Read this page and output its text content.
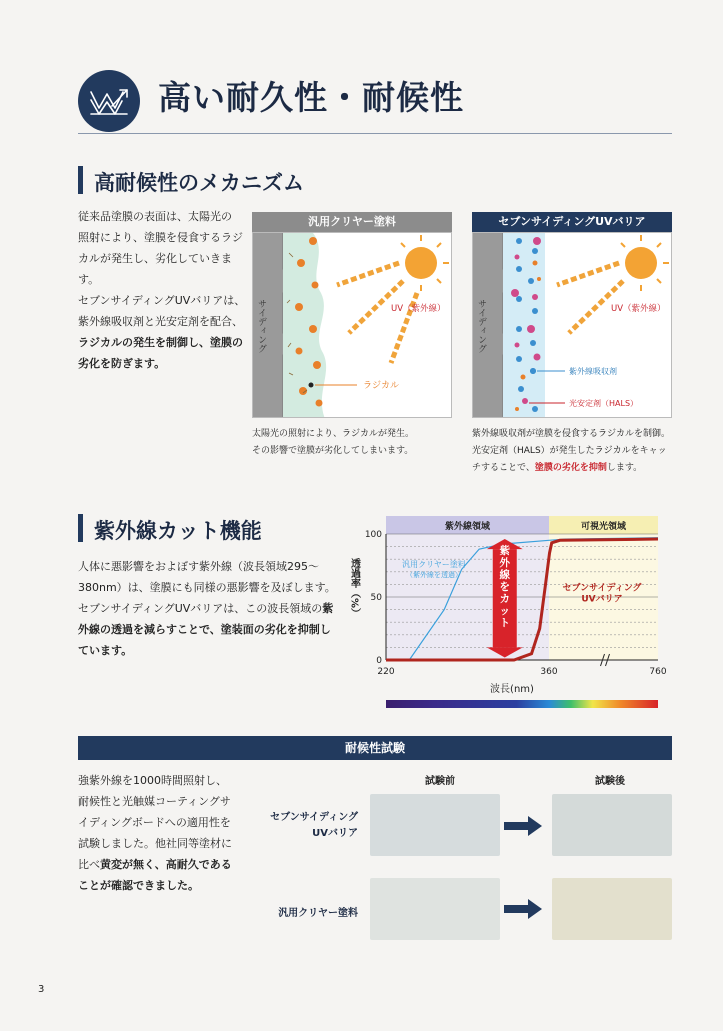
高い耐久性・耐候性
高耐候性のメカニズム
従来品塗膜の表面は、太陽光の
照射により、塗膜を侵食するラジ
カルが発生し、劣化していきます。
セブンサイディングUVバリアは、
紫外線吸収剤と光安定剤を配合、
ラジカルの発生を制御し、塗膜の
劣化を防ぎます。
汎用クリヤー塗料
ラジカル
UV（紫外線）
サイディング
太陽光の照射により、ラジカルが発生。
その影響で塗膜が劣化してしまいます。
セブンサイディングUVバリア
紫外線吸収剤
光安定剤（HALS）
UV（紫外線）
サイディング
紫外線吸収剤が塗膜を侵食するラジカルを制御。
光安定剤（HALS）が発生したラジカルをキャッ
チすることで、塗膜の劣化を抑制します。
紫外線カット機能
人体に悪影響をおよぼす紫外線（波長領域295～
380nm）は、塗膜にも同様の悪影響を及ぼします。
セブンサイディングUVバリアは、この波長領域の紫
外線の透過を減らすことで、塗装面の劣化を抑制し
ています。
紫外線領域	可視光領域
100
50
0
220	360	760
波長(nm)
透過率（%）	汎用クリヤー塗料
（紫外線を透過）
セブンサイディング
UVバリア
紫
外
線
を
カ
ッ
ト
耐候性試験
強紫外線を1000時間照射し、
耐候性と光触媒コーティングサ
イディングボードへの適用性を
試験しました。他社同等塗材に
比べ黄変が無く、高耐久である
ことが確認できました。
試験前	試験後
セブンサイディング
UVバリア
汎用クリヤー塗料
3
